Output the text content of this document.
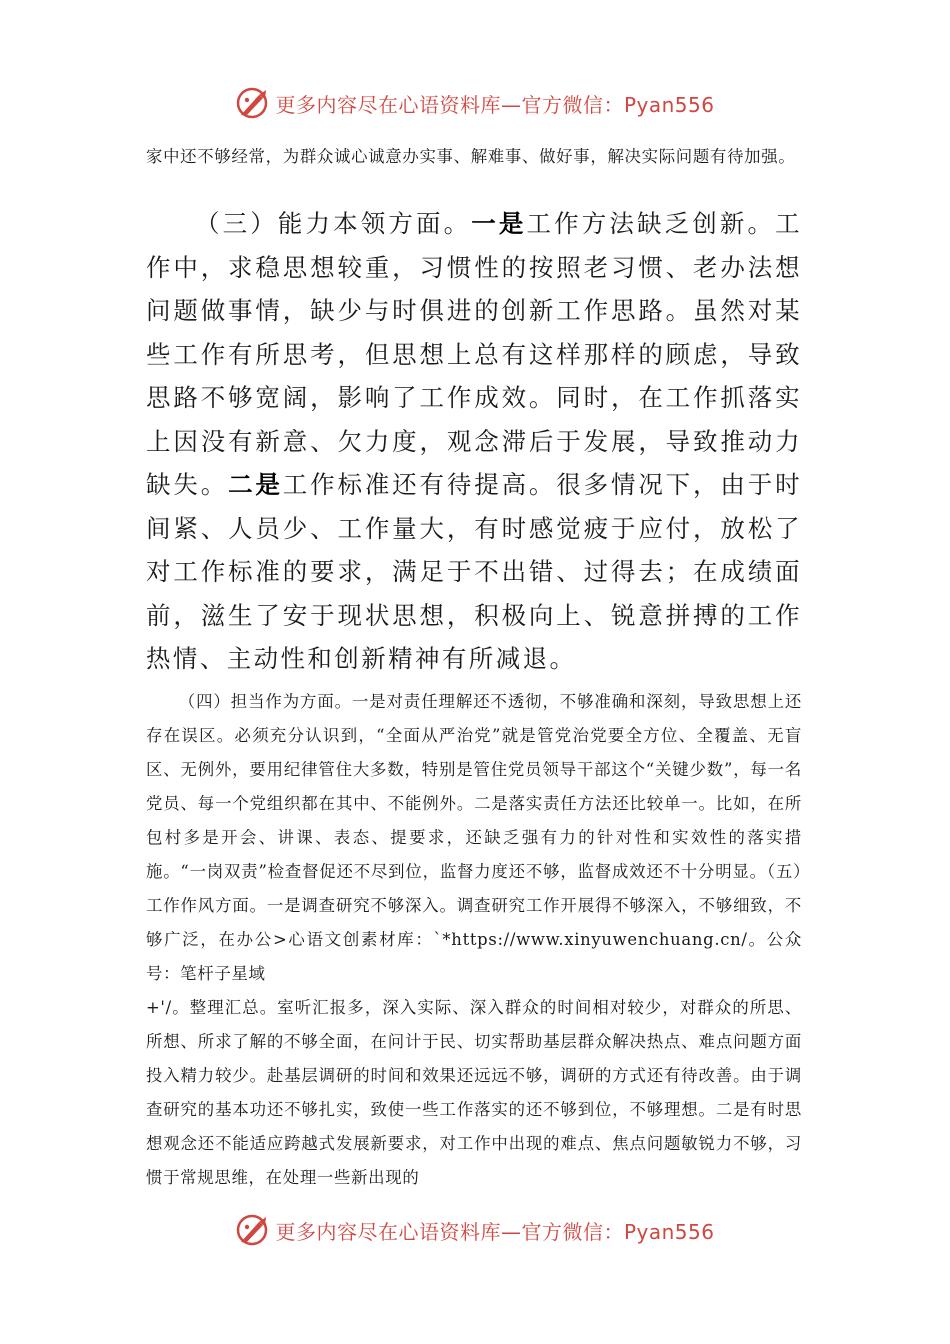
更多内容尽在心语资料库—官方微信：Pyan556

家中还不够经常，为群众诚心诚意办实事、解难事、做好事，解决实际问题有待加强。

（三）能力本领方面。一是工作方法缺乏创新。工作中，求稳思想较重，习惯性的按照老习惯、老办法想问题做事情，缺少与时俱进的创新工作思路。虽然对某些工作有所思考，但思想上总有这样那样的顾虑，导致思路不够宽阔，影响了工作成效。同时，在工作抓落实上因没有新意、欠力度，观念滞后于发展，导致推动力缺失。二是工作标准还有待提高。很多情况下，由于时间紧、人员少、工作量大，有时感觉疲于应付，放松了对工作标准的要求，满足于不出错、过得去；在成绩面前，滋生了安于现状思想，积极向上、锐意拼搏的工作热情、主动性和创新精神有所减退。

（四）担当作为方面。一是对责任理解还不透彻，不够准确和深刻，导致思想上还存在误区。必须充分认识到，“全面从严治党”就是管党治党要全方位、全覆盖、无盲区、无例外，要用纪律管住大多数，特别是管住党员领导干部这个“关键少数”，每一名党员、每一个党组织都在其中、不能例外。二是落实责任方法还比较单一。比如，在所包村多是开会、讲课、表态、提要求，还缺乏强有力的针对性和实效性的落实措施。“一岗双责”检查督促还不尽到位，监督力度还不够，监督成效还不十分明显。（五）工作作风方面。一是调查研究不够深入。调查研究工作开展得不够深入，不够细致，不够广泛，在办公>心语文创素材库：`*https://www.xinyuwenchuang.cn/。公众号：笔杆子星域

+'/。整理汇总。室听汇报多，深入实际、深入群众的时间相对较少，对群众的所思、所想、所求了解的不够全面，在问计于民、切实帮助基层群众解决热点、难点问题方面投入精力较少。赴基层调研的时间和效果还远远不够，调研的方式还有待改善。由于调查研究的基本功还不够扎实，致使一些工作落实的还不够到位，不够理想。二是有时思想观念还不能适应跨越式发展新要求，对工作中出现的难点、焦点问题敏锐力不够，习惯于常规思维，在处理一些新出现的

更多内容尽在心语资料库—官方微信：Pyan556
